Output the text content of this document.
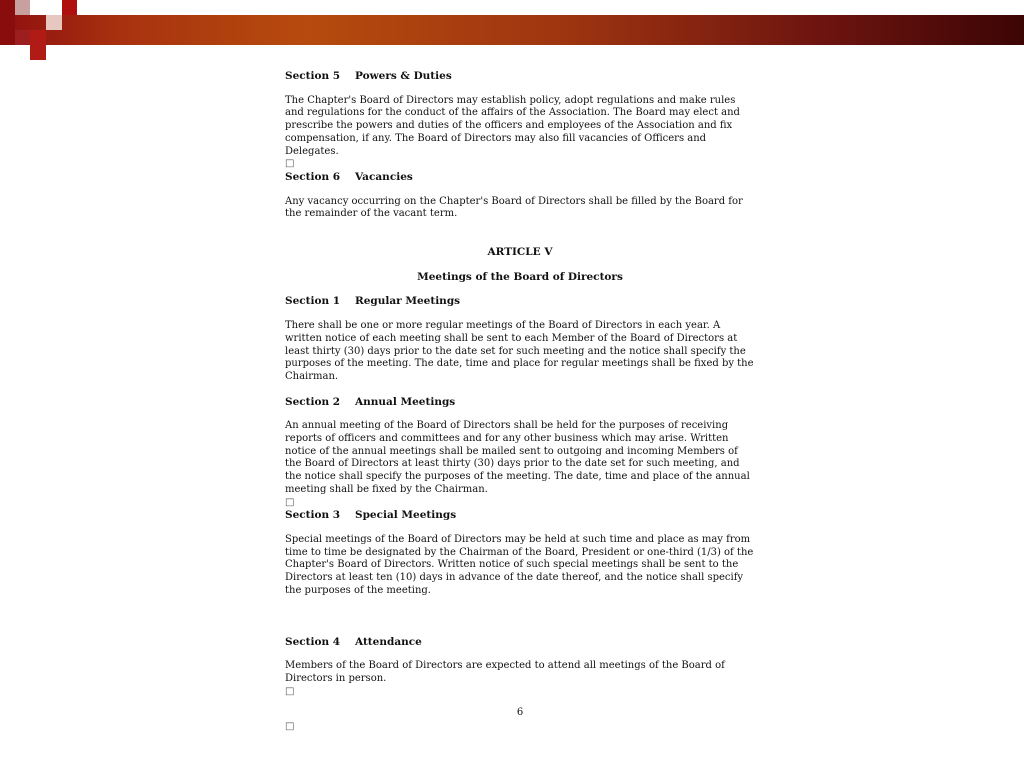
Section 5	Powers & Duties

The Chapter's Board of Directors may establish policy, adopt regulations and make rules and regulations for the conduct of the affairs of the Association. The Board may elect and prescribe the powers and duties of the officers and employees of the Association and fix compensation, if any. The Board of Directors may also fill vacancies of Officers and Delegates.

□

Section 6	Vacancies

Any vacancy occurring on the Chapter's Board of Directors shall be filled by the Board for the remainder of the vacant term.

ARTICLE V

Meetings of the Board of Directors

Section 1	Regular Meetings

There shall be one or more regular meetings of the Board of Directors in each year. A written notice of each meeting shall be sent to each Member of the Board of Directors at least thirty (30) days prior to the date set for such meeting and the notice shall specify the purposes of the meeting. The date, time and place for regular meetings shall be fixed by the Chairman.

Section 2	Annual Meetings

An annual meeting of the Board of Directors shall be held for the purposes of receiving reports of officers and committees and for any other business which may arise. Written notice of the annual meetings shall be mailed sent to outgoing and incoming Members of the Board of Directors at least thirty (30) days prior to the date set for such meeting, and the notice shall specify the purposes of the meeting. The date, time and place of the annual meeting shall be fixed by the Chairman.

□

Section 3	Special Meetings

Special meetings of the Board of Directors may be held at such time and place as may from time to time be designated by the Chairman of the Board, President or one-third (1/3) of the Chapter's Board of Directors. Written notice of such special meetings shall be sent to the Directors at least ten (10) days in advance of the date thereof, and the notice shall specify the purposes of the meeting.

Section 4	Attendance

Members of the Board of Directors are expected to attend all meetings of the Board of Directors in person.

□

6
□
